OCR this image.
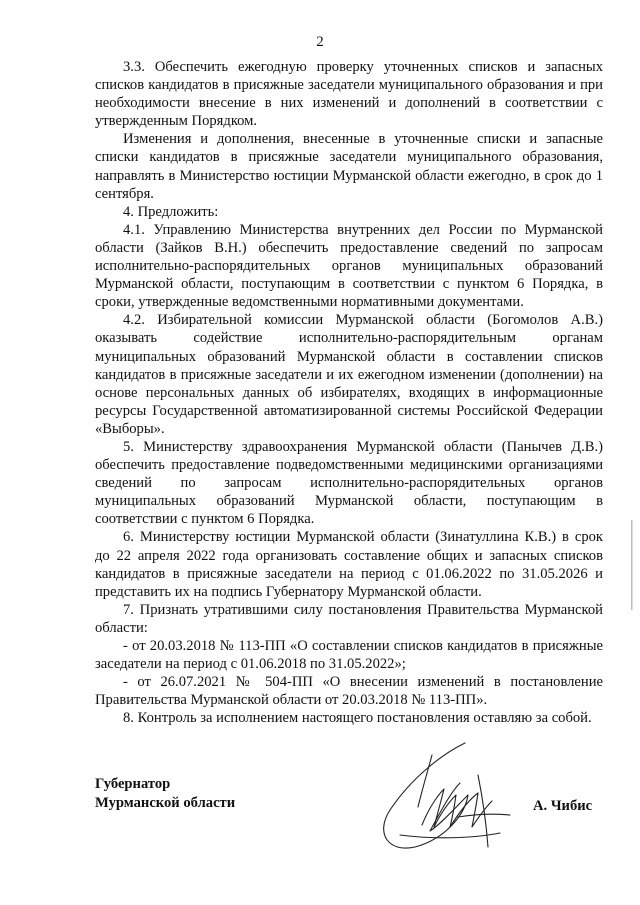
2

3.3. Обеспечить ежегодную проверку уточненных списков и запасных списков кандидатов в присяжные заседатели муниципального образования и при необходимости внесение в них изменений и дополнений в соответствии с утвержденным Порядком.

Изменения и дополнения, внесенные в уточненные списки и запасные списки кандидатов в присяжные заседатели муниципального образования, направлять в Министерство юстиции Мурманской области ежегодно, в срок до 1 сентября.

4. Предложить:

4.1. Управлению Министерства внутренних дел России по Мурманской области (Зайков В.Н.) обеспечить предоставление сведений по запросам исполнительно-распорядительных органов муниципальных образований Мурманской области, поступающим в соответствии с пунктом 6 Порядка, в сроки, утвержденные ведомственными нормативными документами.

4.2. Избирательной комиссии Мурманской области (Богомолов А.В.) оказывать содействие исполнительно-распорядительным органам муниципальных образований Мурманской области в составлении списков кандидатов в присяжные заседатели и их ежегодном изменении (дополнении) на основе персональных данных об избирателях, входящих в информационные ресурсы Государственной автоматизированной системы Российской Федерации «Выборы».

5. Министерству здравоохранения Мурманской области (Панычев Д.В.) обеспечить предоставление подведомственными медицинскими организациями сведений по запросам исполнительно-распорядительных органов муниципальных образований Мурманской области, поступающим в соответствии с пунктом 6 Порядка.

6. Министерству юстиции Мурманской области (Зинатуллина К.В.) в срок до 22 апреля 2022 года организовать составление общих и запасных списков кандидатов в присяжные заседатели на период с 01.06.2022 по 31.05.2026 и представить их на подпись Губернатору Мурманской области.

7. Признать утратившими силу постановления Правительства Мурманской области:

- от 20.03.2018 № 113-ПП «О составлении списков кандидатов в присяжные заседатели на период с 01.06.2018 по 31.05.2022»;

- от 26.07.2021 № 504-ПП «О внесении изменений в постановление Правительства Мурманской области от 20.03.2018 № 113-ПП».

8. Контроль за исполнением настоящего постановления оставляю за собой.

Губернатор
Мурманской области	А. Чибис
